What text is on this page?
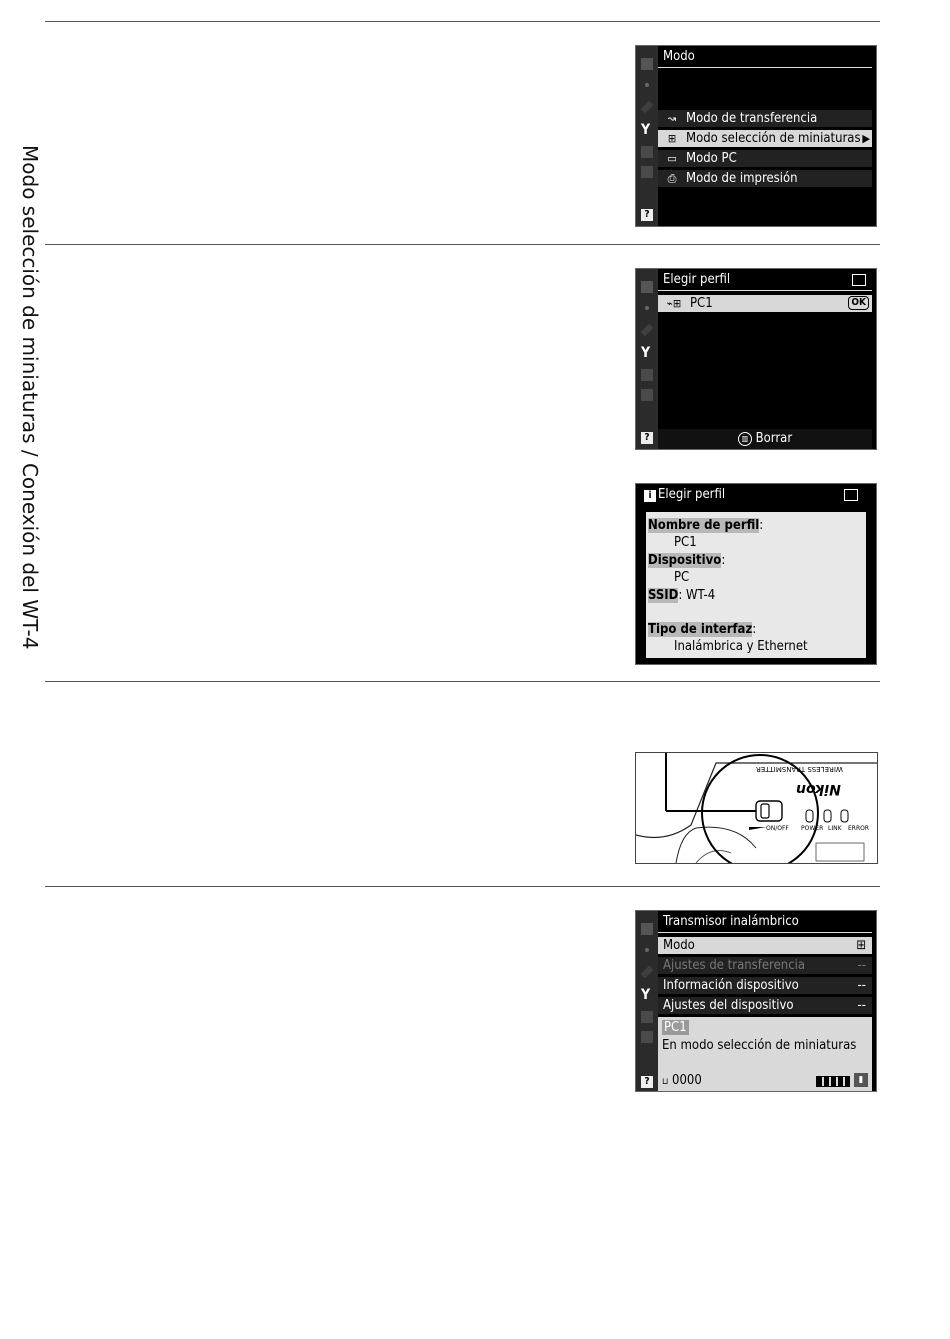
Modo selección de miniaturas / Conexión del WT-4
Y
?
Modo
↝ Modo de transferencia
⊞ Modo selección de miniaturas ▶
▭ Modo PC
⎙ Modo de impresión
Y
?
Elegir perfil
⌁⊞ PC1	OK
▥ Borrar
i Elegir perfil
Nombre de perfil:
PC1
Dispositivo:
PC
SSID: WT-4
Tipo de interfaz:
Inalámbrica y Ethernet
Nikon
WIRELESS TRANSMITTER
ON/OFF POWER LINK ERROR
Y
?
Transmisor inalámbrico
Modo	⊞
Ajustes de transferencia	--
Información dispositivo	--
Ajustes del dispositivo	--
PC1
En modo selección de miniaturas
⊔ 0000	▮
